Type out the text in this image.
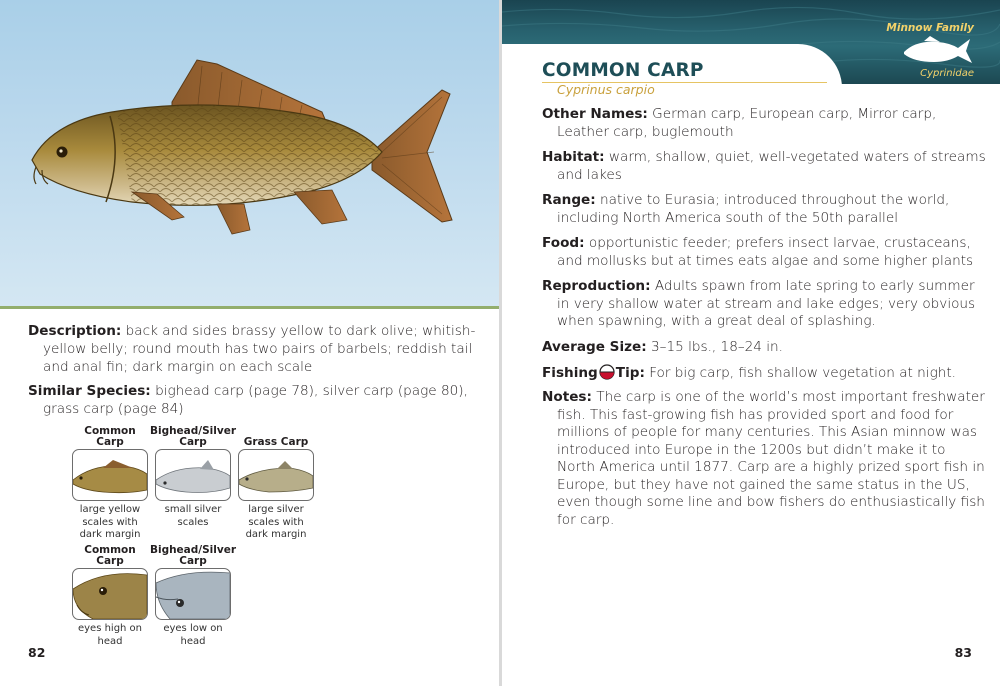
Description: back and sides brassy yellow to dark olive; whitish-yellow belly; round mouth has two pairs of barbels; reddish tail and anal fin; dark margin on each scale
Similar Species: bighead carp (page 78), silver carp (page 80), grass carp (page 84)
Common Carp
large yellow scales with dark margin
Bighead/Silver Carp
small silver scales
Grass Carp
large silver scales with dark margin
Common Carp
eyes high on head
Bighead/Silver Carp
eyes low on head
82
Minnow Family
Cyprinidae
COMMON CARP
Cyprinus carpio
Other Names: German carp, European carp, Mirror carp, Leather carp, buglemouth
Habitat: warm, shallow, quiet, well-vegetated waters of streams and lakes
Range: native to Eurasia; introduced throughout the world, including North America south of the 50th parallel
Food: opportunistic feeder; prefers insect larvae, crustaceans, and mollusks but at times eats algae and some higher plants
Reproduction: Adults spawn from late spring to early summer in very shallow water at stream and lake edges; very obvious when spawning, with a great deal of splashing.
Average Size: 3–15 lbs., 18–24 in.
Fishing Tip: For big carp, fish shallow vegetation at night.
Notes: The carp is one of the world’s most important freshwater fish. This fast-growing fish has provided sport and food for millions of people for many centuries. This Asian minnow was introduced into Europe in the 1200s but didn’t make it to North America until 1877. Carp are a highly prized sport fish in Europe, but they have not gained the same status in the US, even though some line and bow fishers do enthusiastically fish for carp.
83
